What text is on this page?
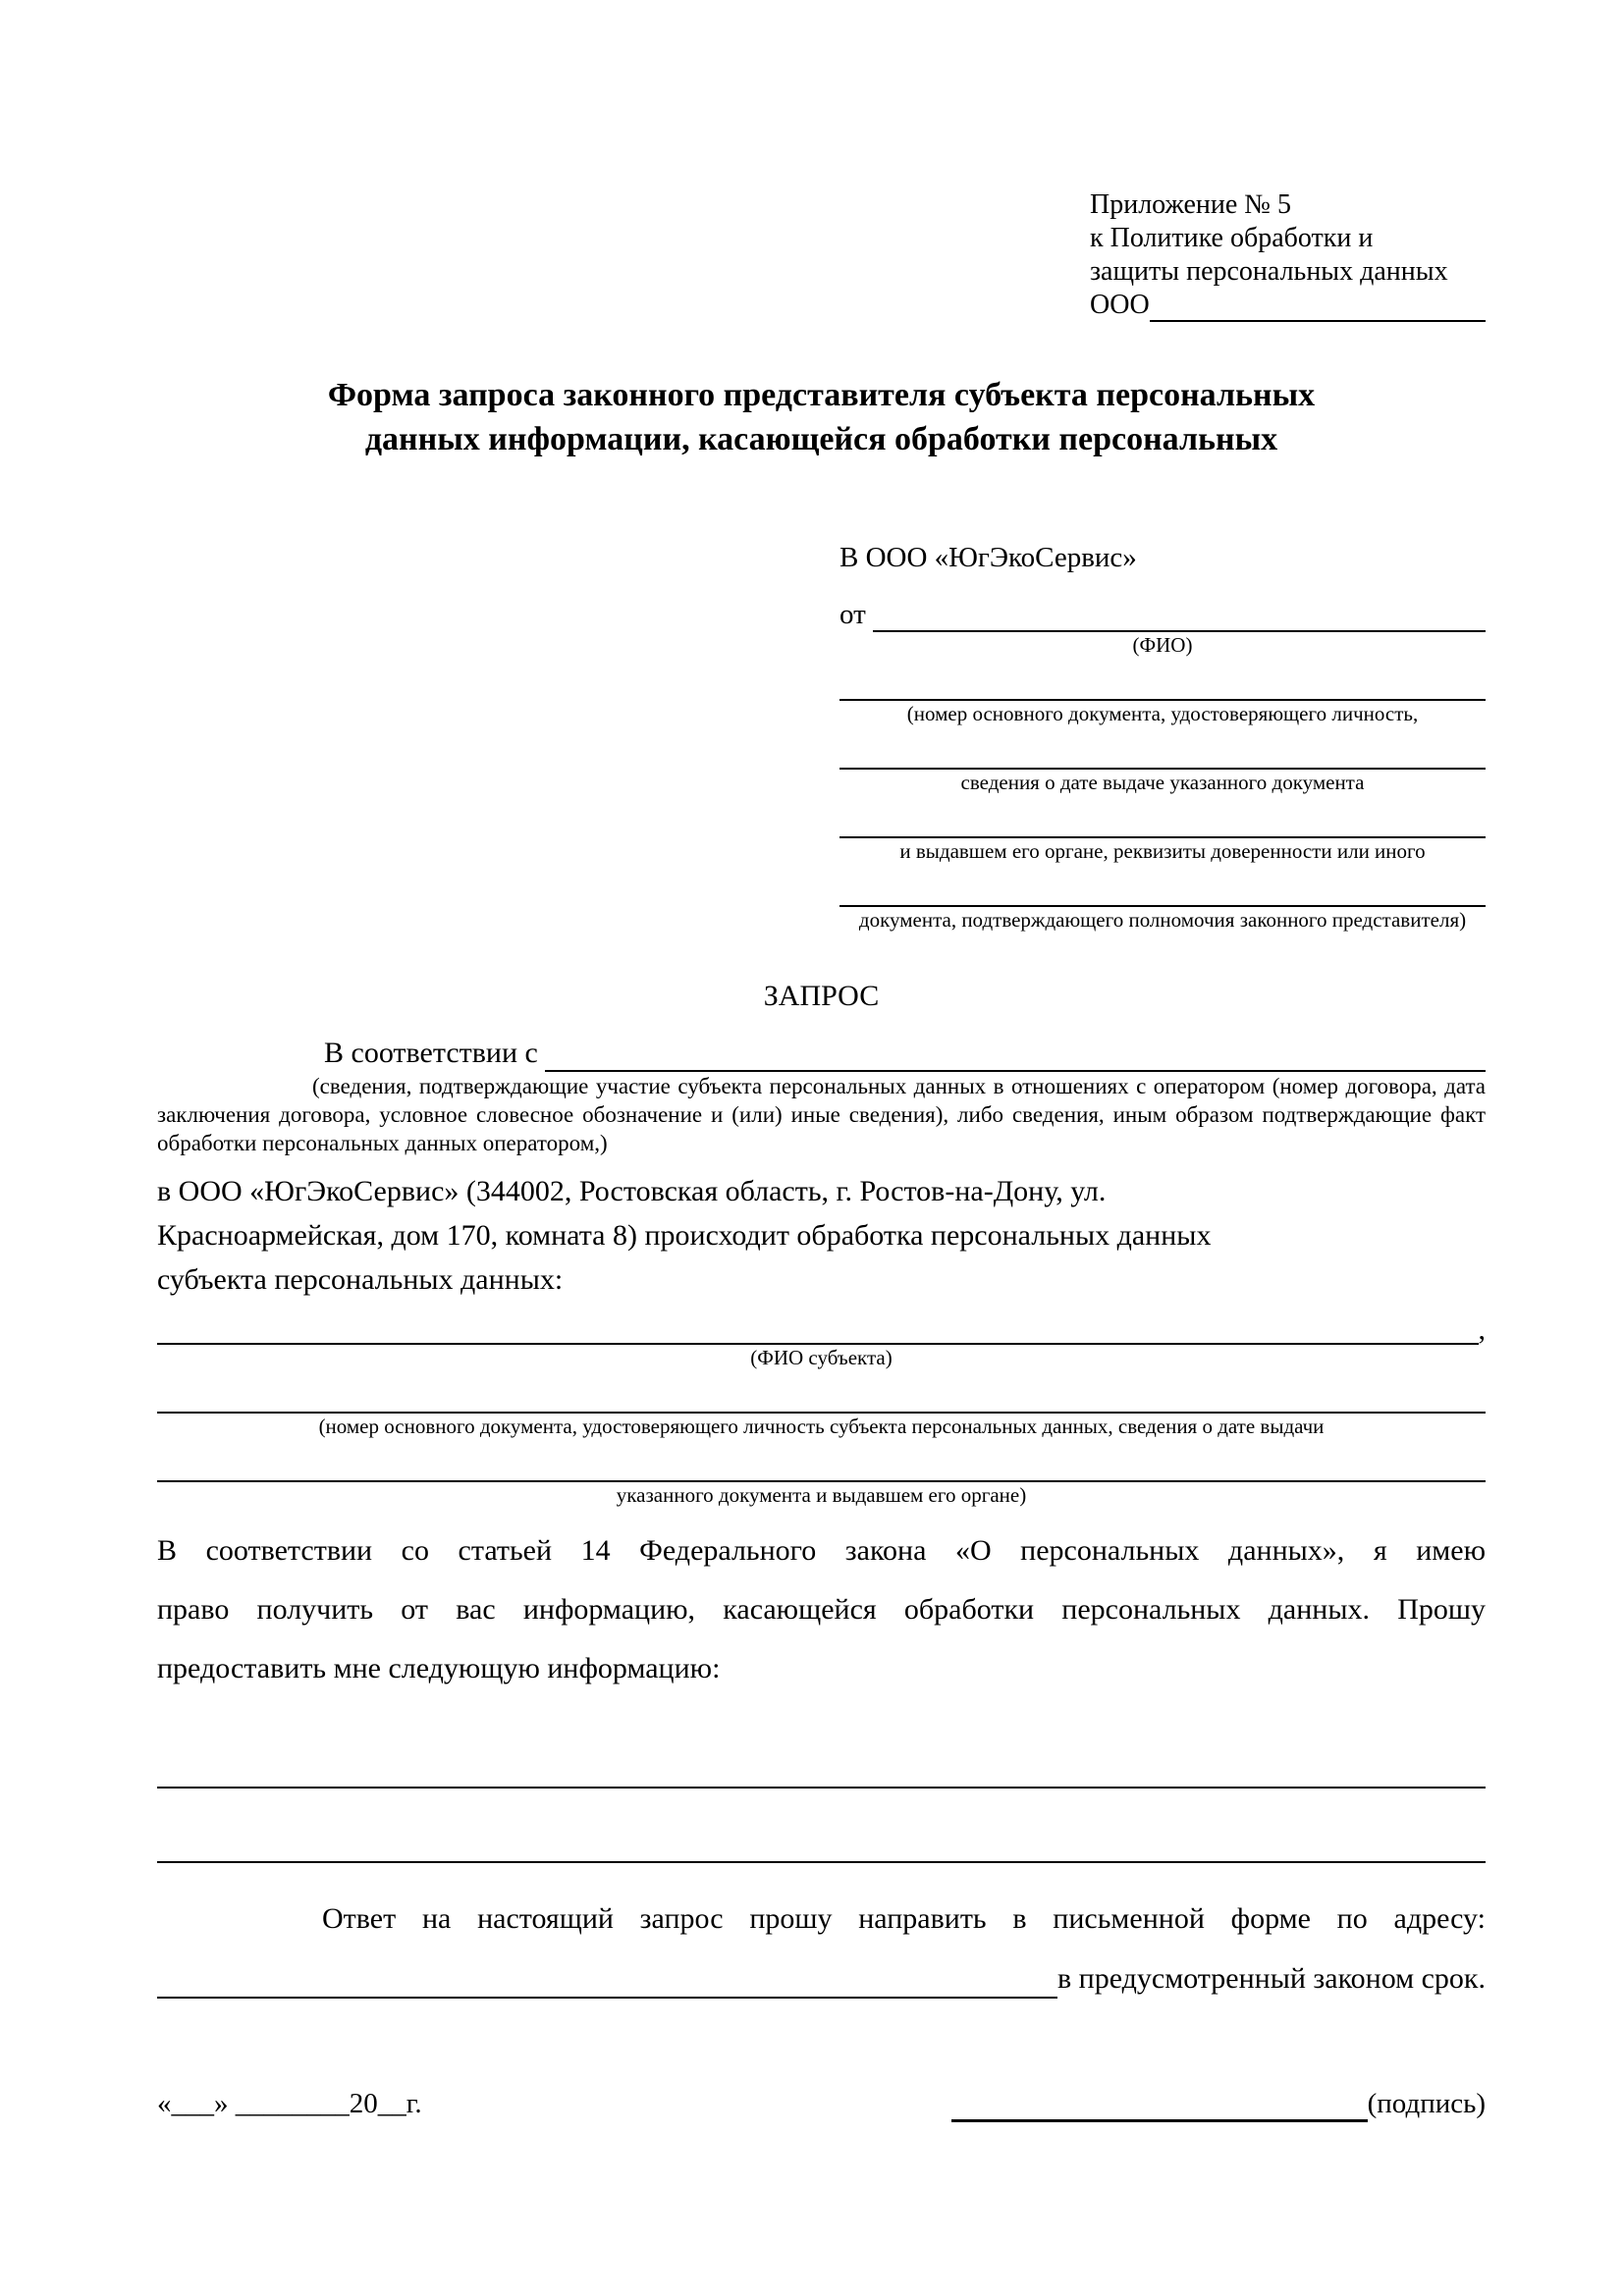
Приложение № 5
к Политике обработки и
защиты персональных данных
ООО
Форма запроса законного представителя субъекта персональных
данных информации, касающейся обработки персональных
В ООО «ЮгЭкоСервис»
от
(ФИО)
(номер основного документа, удостоверяющего личность,
сведения о дате выдаче указанного документа
и выдавшем его органе, реквизиты доверенности или иного
документа, подтверждающего полномочия законного представителя)
ЗАПРОС
В соответствии с
(сведения, подтверждающие участие субъекта персональных данных в отношениях с оператором (номер договора, дата
заключения договора, условное словесное обозначение и (или) иные сведения), либо сведения, иным образом подтверждающие факт
обработки персональных данных оператором,)
в ООО «ЮгЭкоСервис» (344002, Ростовская область, г. Ростов-на-Дону, ул.
Красноармейская, дом 170, комната 8) происходит обработка персональных данных
субъекта персональных данных:
,
(ФИО субъекта)
(номер основного документа, удостоверяющего личность субъекта персональных данных, сведения о дате выдачи
указанного документа и выдавшем его органе)
В соответствии со статьей 14 Федерального закона «О персональных данных», я имею
право получить от вас информацию, касающейся обработки персональных данных. Прошу
предоставить мне следующую информацию:
Ответ на настоящий запрос прошу направить в письменной форме по адресу:
в предусмотренный законом срок.
«___» ________20__г.	(подпись)
